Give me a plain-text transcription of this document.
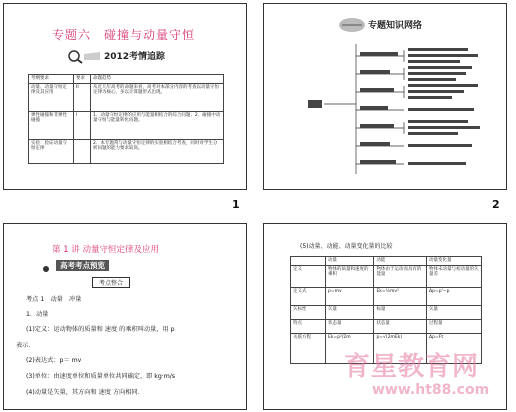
专题六　碰撞与动量守恒
2012考情追踪
考纲要求	要求	命题趋势
动量、动量守恒定律及其应用	II	从近几年高考的命题来看，高考对本部分内容的考查以动量守恒定律为核心，多以计算题形式出现。
弹性碰撞和非弹性碰撞	I	1．动量守恒定律的应用与能量相结合的综合问题；2．碰撞中动量守恒与能量转化问题。
实验：验证动量守恒定律		2．本专题常与动量守恒定律的实验相结合考查，同时对学生分析问题的能力要求较高。
1
专题知识网络
2
第 1 讲 动量守恒定律及应用
高考考点预览
考点整合
考点 1　动量　冲量
1．动量
(1)定义：运动物体的质量和 速度 的乘积叫动量，用 p
表示.
(2)表达式：p＝ mv
(3)单位：由速度单位和质量单位共同确定，即 kg·m/s
(4)动量是矢量，其方向和 速度 方向相同.
(5)动量、动能、动量变化量的比较
	动量	动能	动量变化量
定义	物体的质量和速度的乘积	物体由于运动而具有的能量	物体末动量与初动量的矢量差
定义式	p=mv	Ek=½mv²	Δp=p'−p
矢标性	矢量	标量	矢量
特点	状态量	状态量	过程量
关联方程	Ek=p²/2m	p=√(2mEk)	Δp=Ft
育星教育网
www.ht88.com
